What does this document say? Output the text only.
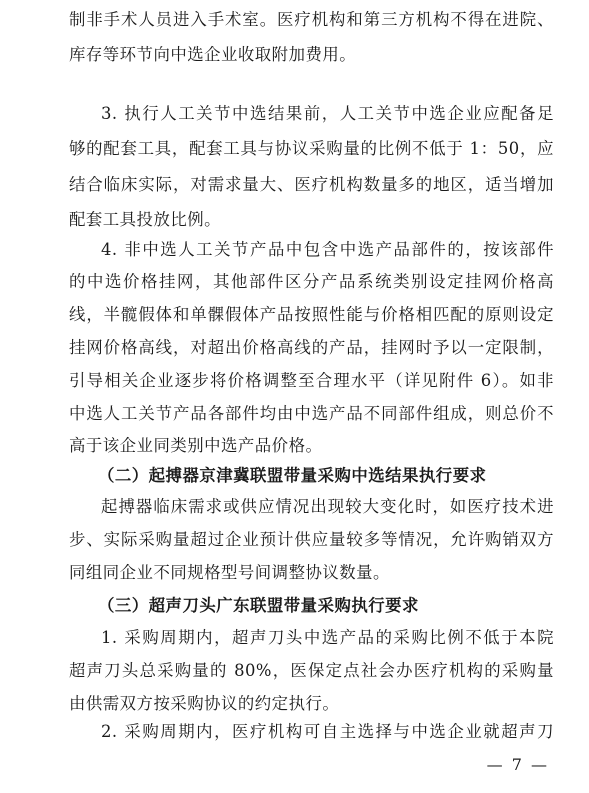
制非手术人员进入手术室。医疗机构和第三方机构不得在进院、
库存等环节向中选企业收取附加费用。
3. 执行人工关节中选结果前，人工关节中选企业应配备足
够的配套工具，配套工具与协议采购量的比例不低于 1：50，应
结合临床实际，对需求量大、医疗机构数量多的地区，适当增加
配套工具投放比例。
4. 非中选人工关节产品中包含中选产品部件的，按该部件
的中选价格挂网，其他部件区分产品系统类别设定挂网价格高
线，半髋假体和单髁假体产品按照性能与价格相匹配的原则设定
挂网价格高线，对超出价格高线的产品，挂网时予以一定限制，
引导相关企业逐步将价格调整至合理水平（详见附件 6）。如非
中选人工关节产品各部件均由中选产品不同部件组成，则总价不
高于该企业同类别中选产品价格。
（二）起搏器京津冀联盟带量采购中选结果执行要求
起搏器临床需求或供应情况出现较大变化时，如医疗技术进
步、实际采购量超过企业预计供应量较多等情况，允许购销双方
同组同企业不同规格型号间调整协议数量。
（三）超声刀头广东联盟带量采购执行要求
1. 采购周期内，超声刀头中选产品的采购比例不低于本院
超声刀头总采购量的 80%，医保定点社会办医疗机构的采购量
由供需双方按采购协议的约定执行。
2. 采购周期内，医疗机构可自主选择与中选企业就超声刀
— 7 —
